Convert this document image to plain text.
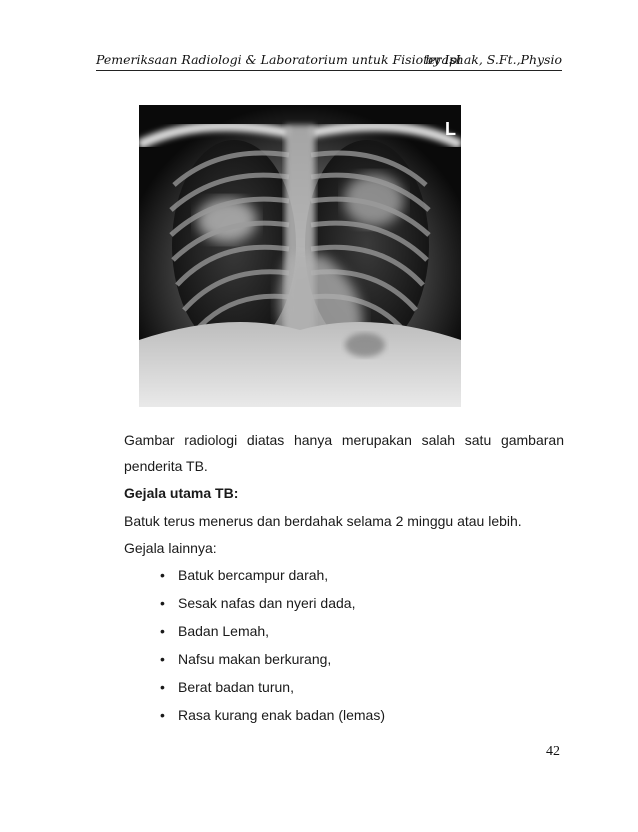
Pemeriksaan Radiologi & Laboratorium untuk Fisioterapi
by Ishak, S.Ft.,Physio
L
Gambar radiologi diatas hanya merupakan salah satu gambaran
penderita TB.
Gejala utama TB:
Batuk terus menerus dan berdahak selama 2 minggu atau lebih.
Gejala lainnya:
• Batuk bercampur darah,
• Sesak nafas dan nyeri dada,
• Badan Lemah,
• Nafsu makan berkurang,
• Berat badan turun,
• Rasa kurang enak badan (lemas)
42
